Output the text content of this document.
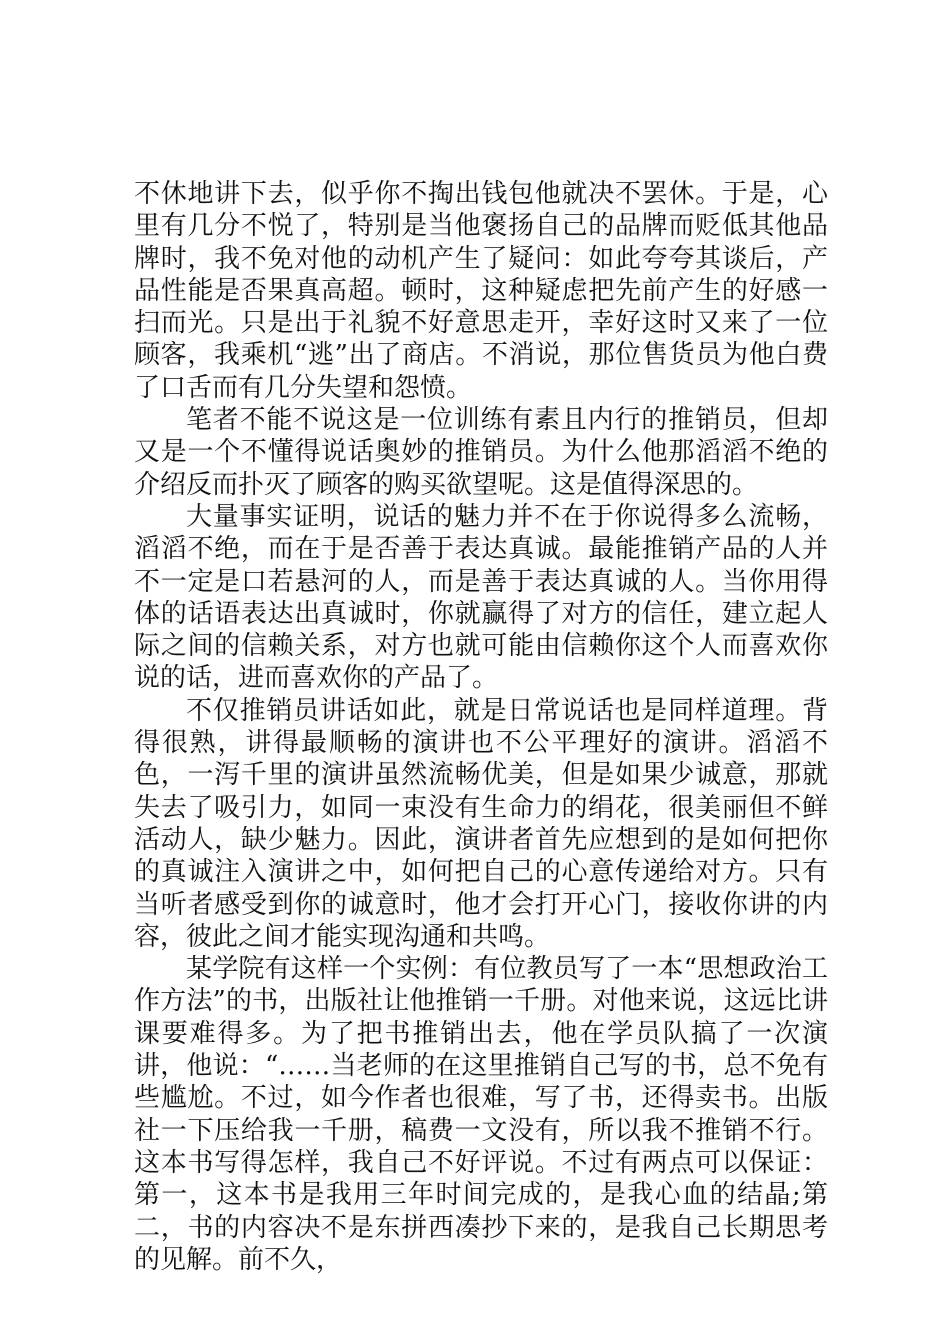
不休地讲下去，似乎你不掏出钱包他就决不罢休。于是，心里有几分不悦了，特别是当他褒扬自己的品牌而贬低其他品牌时，我不免对他的动机产生了疑问：如此夸夸其谈后，产品性能是否果真高超。顿时，这种疑虑把先前产生的好感一扫而光。只是出于礼貌不好意思走开，幸好这时又来了一位顾客，我乘机“逃”出了商店。不消说，那位售货员为他白费了口舌而有几分失望和怨愤。

笔者不能不说这是一位训练有素且内行的推销员，但却又是一个不懂得说话奥妙的推销员。为什么他那滔滔不绝的介绍反而扑灭了顾客的购买欲望呢。这是值得深思的。

大量事实证明，说话的魅力并不在于你说得多么流畅，滔滔不绝，而在于是否善于表达真诚。最能推销产品的人并不一定是口若悬河的人，而是善于表达真诚的人。当你用得体的话语表达出真诚时，你就赢得了对方的信任，建立起人际之间的信赖关系，对方也就可能由信赖你这个人而喜欢你说的话，进而喜欢你的产品了。

不仅推销员讲话如此，就是日常说话也是同样道理。背得很熟，讲得最顺畅的演讲也不公平理好的演讲。滔滔不色，一泻千里的演讲虽然流畅优美，但是如果少诚意，那就失去了吸引力，如同一束没有生命力的绢花，很美丽但不鲜活动人，缺少魅力。因此，演讲者首先应想到的是如何把你的真诚注入演讲之中，如何把自己的心意传递给对方。只有当听者感受到你的诚意时，他才会打开心门，接收你讲的内容，彼此之间才能实现沟通和共鸣。

某学院有这样一个实例：有位教员写了一本“思想政治工作方法”的书，出版社让他推销一千册。对他来说，这远比讲课要难得多。为了把书推销出去，他在学员队搞了一次演讲，他说：“……当老师的在这里推销自己写的书，总不免有些尴尬。不过，如今作者也很难，写了书，还得卖书。出版社一下压给我一千册，稿费一文没有，所以我不推销不行。这本书写得怎样，我自己不好评说。不过有两点可以保证：第一，这本书是我用三年时间完成的，是我心血的结晶;第二，书的内容决不是东拼西凑抄下来的，是我自己长期思考的见解。前不久，
